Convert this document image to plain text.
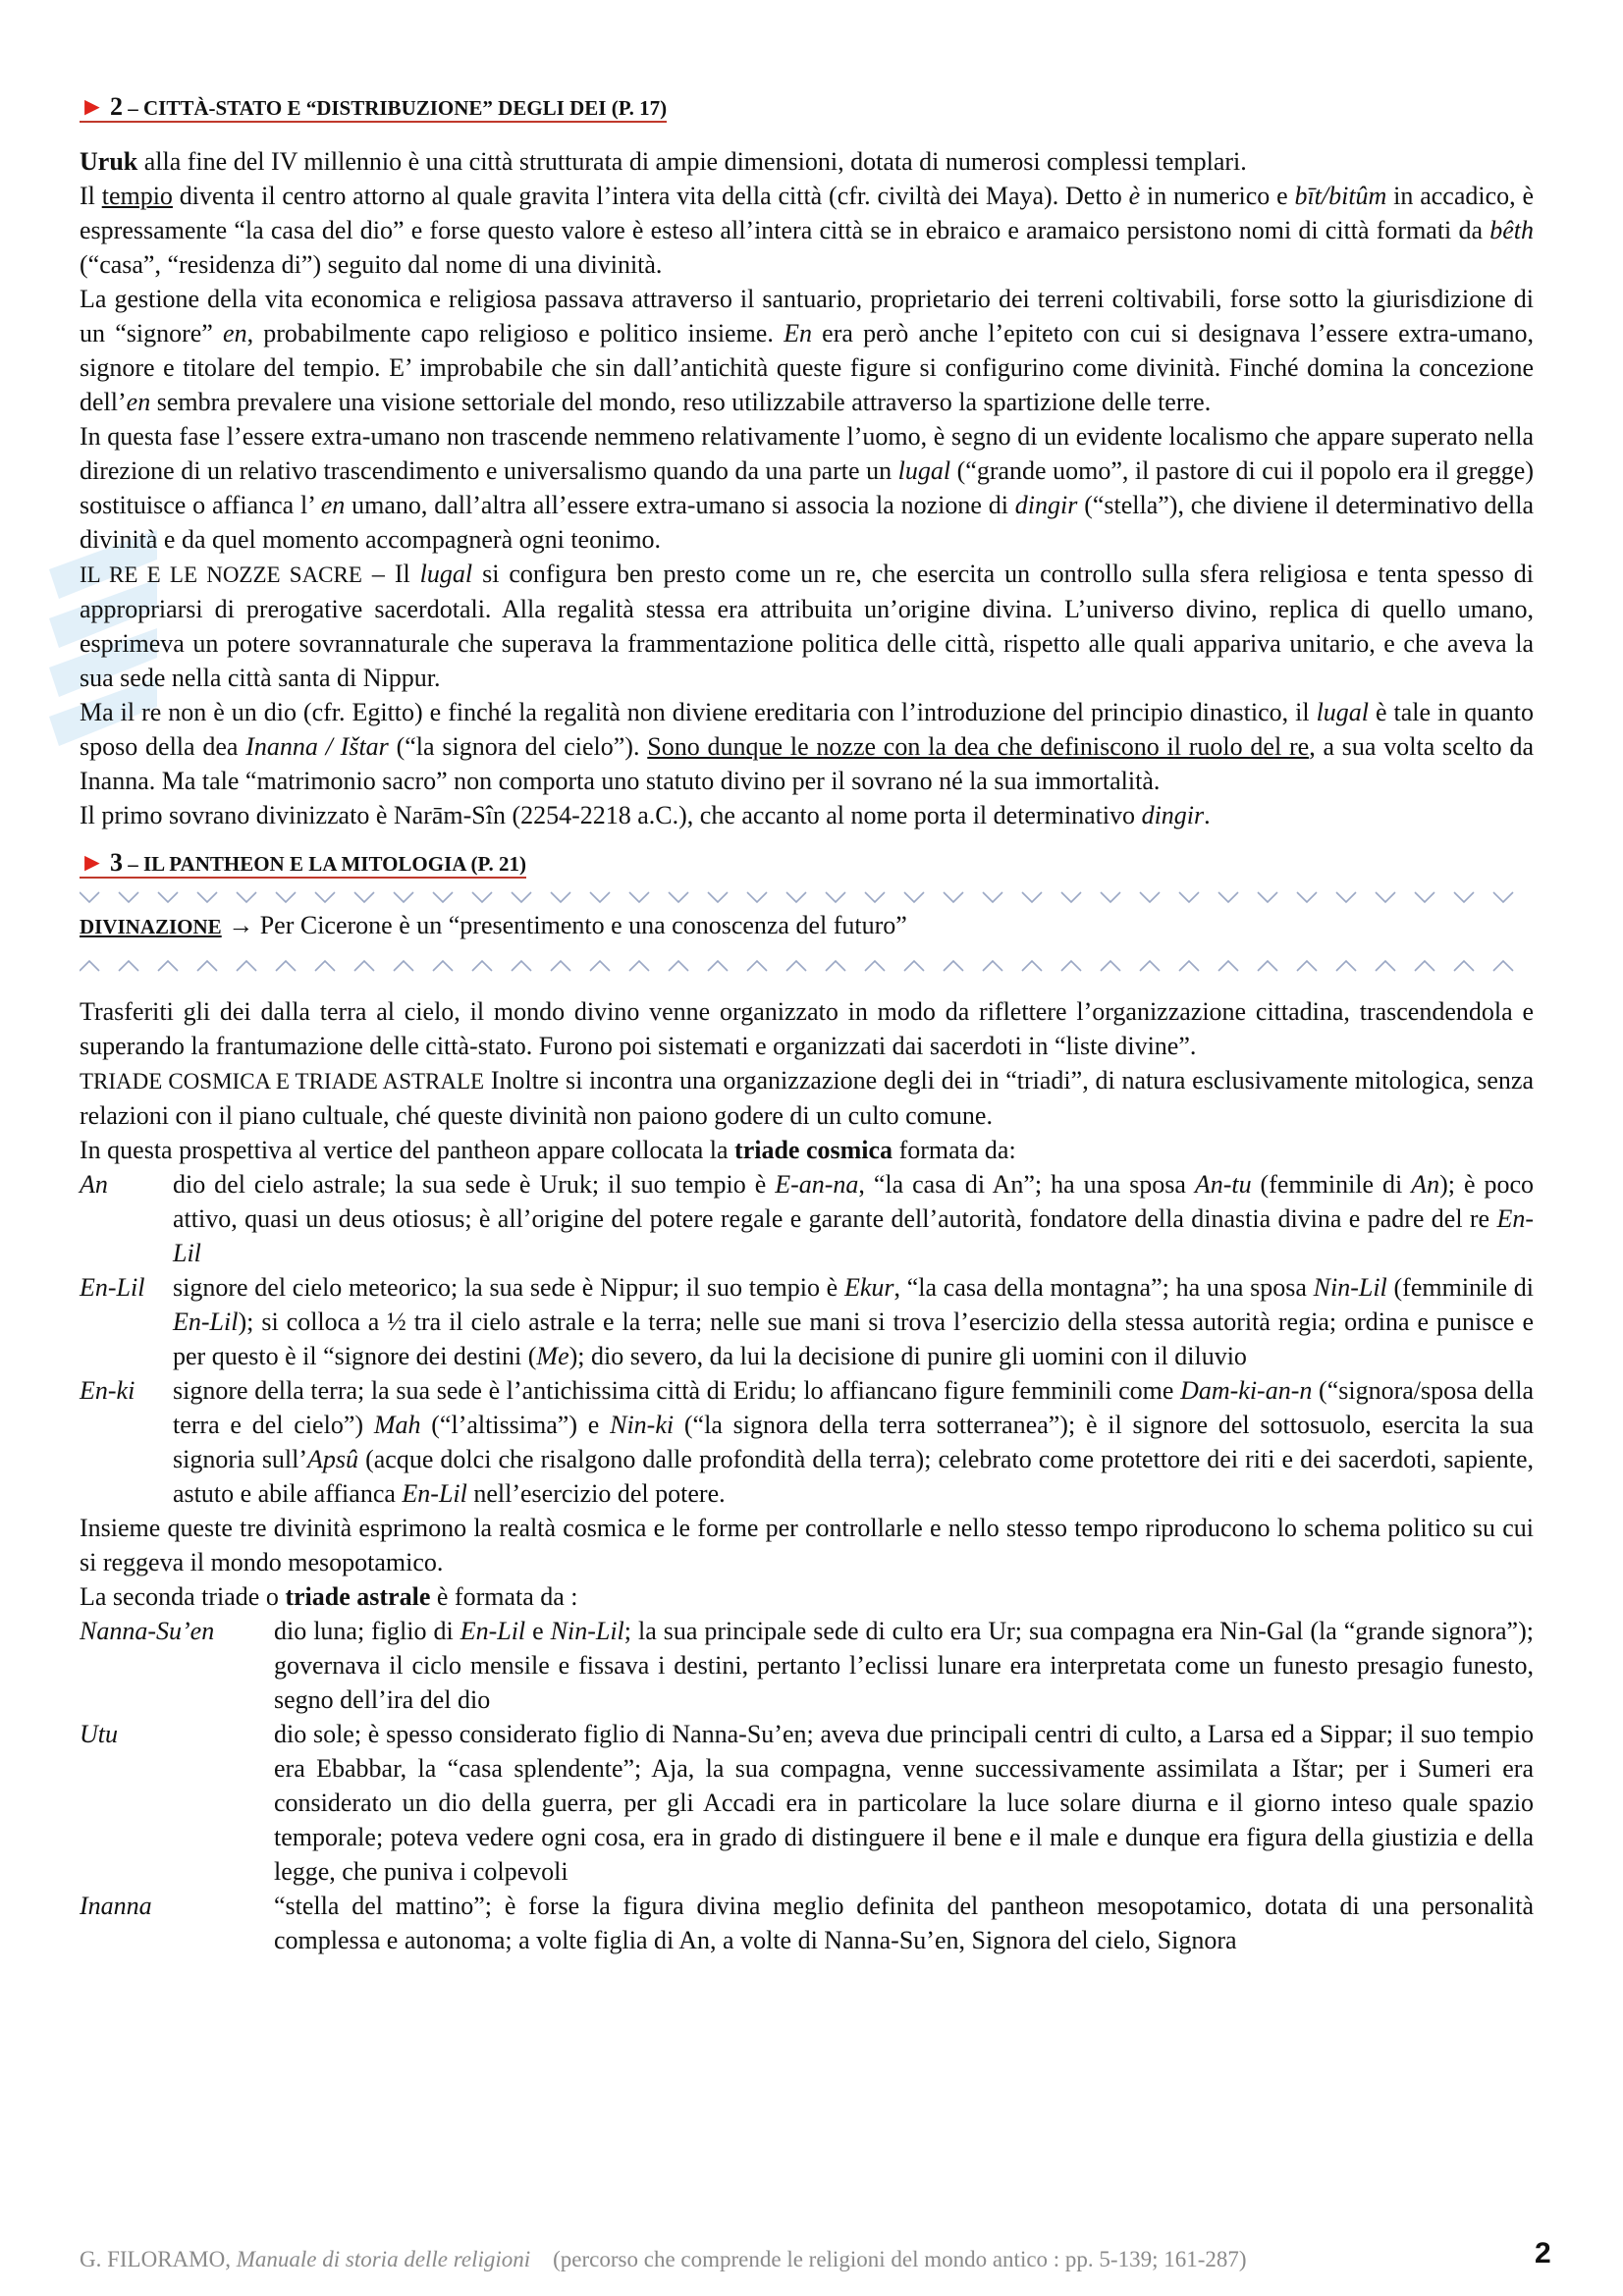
► 2 – CITTÀ-STATO E “DISTRIBUZIONE” DEGLI DEI (P. 17)

Uruk alla fine del IV millennio è una città strutturata di ampie dimensioni, dotata di numerosi complessi templari.

Il tempio diventa il centro attorno al quale gravita l’intera vita della città (cfr. civiltà dei Maya). Detto è in numerico e bīt/bitûm in accadico, è espressamente “la casa del dio” e forse questo valore è esteso all’intera città se in ebraico e aramaico persistono nomi di città formati da bêth (“casa”, “residenza di”) seguito dal nome di una divinità.

La gestione della vita economica e religiosa passava attraverso il santuario, proprietario dei terreni coltivabili, forse sotto la giurisdizione di un “signore” en, probabilmente capo religioso e politico insieme. En era però anche l’epiteto con cui si designava l’essere extra-umano, signore e titolare del tempio. E’ improbabile che sin dall’antichità queste figure si configurino come divinità. Finché domina la concezione dell’en sembra prevalere una visione settoriale del mondo, reso utilizzabile attraverso la spartizione delle terre.

In questa fase l’essere extra-umano non trascende nemmeno relativamente l’uomo, è segno di un evidente localismo che appare superato nella direzione di un relativo trascendimento e universalismo quando da una parte un lugal (“grande uomo”, il pastore di cui il popolo era il gregge) sostituisce o affianca l’ en umano, dall’altra all’essere extra-umano si associa la nozione di dingir (“stella”), che diviene il determinativo della divinità e da quel momento accompagnerà ogni teonimo.

IL RE E LE NOZZE SACRE – Il lugal si configura ben presto come un re, che esercita un controllo sulla sfera religiosa e tenta spesso di appropriarsi di prerogative sacerdotali. Alla regalità stessa era attribuita un’origine divina. L’universo divino, replica di quello umano, esprimeva un potere sovrannaturale che superava la frammentazione politica delle città, rispetto alle quali appariva unitario, e che aveva la sua sede nella città santa di Nippur.

Ma il re non è un dio (cfr. Egitto) e finché la regalità non diviene ereditaria con l’introduzione del principio dinastico, il lugal è tale in quanto sposo della dea Inanna / Ištar (“la signora del cielo”). Sono dunque le nozze con la dea che definiscono il ruolo del re, a sua volta scelto da Inanna. Ma tale “matrimonio sacro” non comporta uno statuto divino per il sovrano né la sua immortalità.

Il primo sovrano divinizzato è Narām-Sîn (2254-2218 a.C.), che accanto al nome porta il determinativo dingir.

► 3 – IL PANTHEON E LA MITOLOGIA (P. 21)
DIVINAZIONE → Per Cicerone è un “presentimento e una conoscenza del futuro”

Trasferiti gli dei dalla terra al cielo, il mondo divino venne organizzato in modo da riflettere l’organizzazione cittadina, trascendendola e superando la frantumazione delle città-stato. Furono poi sistemati e organizzati dai sacerdoti in “liste divine”.

TRIADE COSMICA E TRIADE ASTRALE Inoltre si incontra una organizzazione degli dei in “triadi”, di natura esclusivamente mitologica, senza relazioni con il piano cultuale, ché queste divinità non paiono godere di un culto comune.

In questa prospettiva al vertice del pantheon appare collocata la triade cosmica formata da:

An	dio del cielo astrale; la sua sede è Uruk; il suo tempio è E-an-na, “la casa di An”; ha una sposa An-tu (femminile di An); è poco attivo, quasi un deus otiosus; è all’origine del potere regale e garante dell’autorità, fondatore della dinastia divina e padre del re En-Lil
En-Lil	signore del cielo meteorico; la sua sede è Nippur; il suo tempio è Ekur, “la casa della montagna”; ha una sposa Nin-Lil (femminile di En-Lil); si colloca a ½ tra il cielo astrale e la terra; nelle sue mani si trova l’esercizio della stessa autorità regia; ordina e punisce e per questo è il “signore dei destini (Me); dio severo, da lui la decisione di punire gli uomini con il diluvio
En-ki	signore della terra; la sua sede è l’antichissima città di Eridu; lo affiancano figure femminili come Dam-ki-an-n (“signora/sposa della terra e del cielo”) Mah (“l’altissima”) e Nin-ki (“la signora della terra sotterranea”); è il signore del sottosuolo, esercita la sua signoria sull’Apsû (acque dolci che risalgono dalle profondità della terra); celebrato come protettore dei riti e dei sacerdoti, sapiente, astuto e abile affianca En-Lil nell’esercizio del potere.

Insieme queste tre divinità esprimono la realtà cosmica e le forme per controllarle e nello stesso tempo riproducono lo schema politico su cui si reggeva il mondo mesopotamico.

La seconda triade o triade astrale è formata da :

Nanna-Su’en	dio luna; figlio di En-Lil e Nin-Lil; la sua principale sede di culto era Ur; sua compagna era Nin-Gal (la “grande signora”); governava il ciclo mensile e fissava i destini, pertanto l’eclissi lunare era interpretata come un funesto presagio funesto, segno dell’ira del dio
Utu	dio sole; è spesso considerato figlio di Nanna-Su’en; aveva due principali centri di culto, a Larsa ed a Sippar; il suo tempio era Ebabbar, la “casa splendente”; Aja, la sua compagna, venne successivamente assimilata a Ištar; per i Sumeri era considerato un dio della guerra, per gli Accadi era in particolare la luce solare diurna e il giorno inteso quale spazio temporale; poteva vedere ogni cosa, era in grado di distinguere il bene e il male e dunque era figura della giustizia e della legge, che puniva i colpevoli
Inanna	“stella del mattino”; è forse la figura divina meglio definita del pantheon mesopotamico, dotata di una personalità complessa e autonoma; a volte figlia di An, a volte di Nanna-Su’en, Signora del cielo, Signora
G. FILORAMO, Manuale di storia delle religioni (percorso che comprende le religioni del mondo antico : pp. 5-139; 161-287)	2
